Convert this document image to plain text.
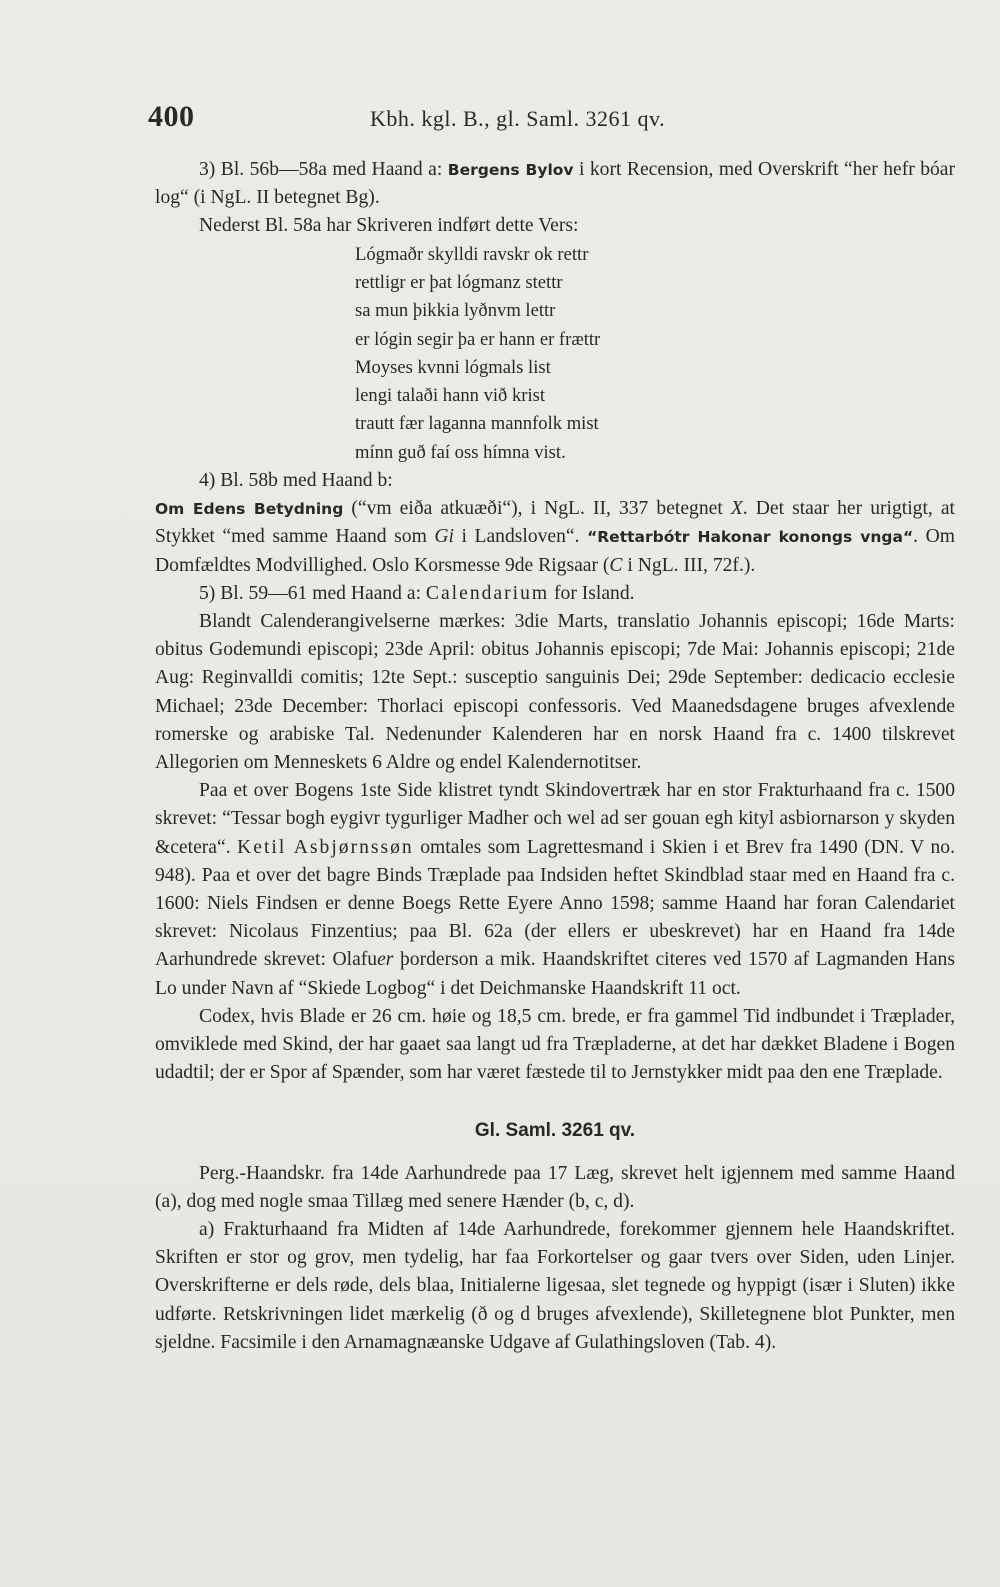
400	Kbh. kgl. B., gl. Saml. 3261 qv.

3) Bl. 56b—58a med Haand a: Bergens Bylov i kort Recension, med Overskrift “her hefr bóar log“ (i NgL. II betegnet Bg).

Nederst Bl. 58a har Skriveren indført dette Vers:

Lógmaðr skylldi ravskr ok rettr
rettligr er þat lógmanz stettr
sa mun þikkia lyðnvm lettr
er lógin segir þa er hann er frættr
Moyses kvnni lógmals list
lengi talaði hann við krist
trautt fær laganna mannfolk mist
mínn guð faí oss hímna vist.

4) Bl. 58b med Haand b:
Om Edens Betydning (“vm eiða atkuæði“), i NgL. II, 337 betegnet X. Det staar her urigtigt, at Stykket “med samme Haand som Gi i Landsloven“. “Rettarbótr Hakonar konongs vnga“. Om Domfældtes Modvillighed. Oslo Korsmesse 9de Rigsaar (C i NgL. III, 72f.).

5) Bl. 59—61 med Haand a: Calendarium for Island.

Blandt Calenderangivelserne mærkes: 3die Marts, translatio Johannis episcopi; 16de Marts: obitus Godemundi episcopi; 23de April: obitus Johannis episcopi; 7de Mai: Johannis episcopi; 21de Aug: Reginvalldi comitis; 12te Sept.: susceptio sanguinis Dei; 29de September: dedicacio ecclesie Michael; 23de December: Thorlaci episcopi confessoris. Ved Maanedsdagene bruges afvexlende romerske og arabiske Tal. Nedenunder Kalenderen har en norsk Haand fra c. 1400 tilskrevet Allegorien om Menneskets 6 Aldre og endel Kalendernotitser.

Paa et over Bogens 1ste Side klistret tyndt Skindovertræk har en stor Frakturhaand fra c. 1500 skrevet: “Tessar bogh eygivr tygurliger Madher och wel ad ser gouan egh kityl asbiornarson y skyden &cetera“. Ketil Asbjørnssøn omtales som Lagrettesmand i Skien i et Brev fra 1490 (DN. V no. 948). Paa et over det bagre Binds Træplade paa Indsiden heftet Skindblad staar med en Haand fra c. 1600: Niels Findsen er denne Boegs Rette Eyere Anno 1598; samme Haand har foran Calendariet skrevet: Nicolaus Finzentius; paa Bl. 62a (der ellers er ubeskrevet) har en Haand fra 14de Aarhundrede skrevet: Olafuer þorderson a mik. Haandskriftet citeres ved 1570 af Lagmanden Hans Lo under Navn af “Skiede Logbog“ i det Deichmanske Haandskrift 11 oct.

Codex, hvis Blade er 26 cm. høie og 18,5 cm. brede, er fra gammel Tid indbundet i Træplader, omviklede med Skind, der har gaaet saa langt ud fra Træpladerne, at det har dækket Bladene i Bogen udadtil; der er Spor af Spænder, som har været fæstede til to Jernstykker midt paa den ene Træplade.

Gl. Saml. 3261 qv.

Perg.-Haandskr. fra 14de Aarhundrede paa 17 Læg, skrevet helt igjennem med samme Haand (a), dog med nogle smaa Tillæg med senere Hænder (b, c, d).

a) Frakturhaand fra Midten af 14de Aarhundrede, forekommer gjennem hele Haandskriftet. Skriften er stor og grov, men tydelig, har faa Forkortelser og gaar tvers over Siden, uden Linjer. Overskrifterne er dels røde, dels blaa, Initialerne ligesaa, slet tegnede og hyppigt (især i Sluten) ikke udførte. Retskrivningen lidet mærkelig (ð og d bruges afvexlende), Skilletegnene blot Punkter, men sjeldne. Facsimile i den Arnamagnæanske Udgave af Gulathingsloven (Tab. 4).
